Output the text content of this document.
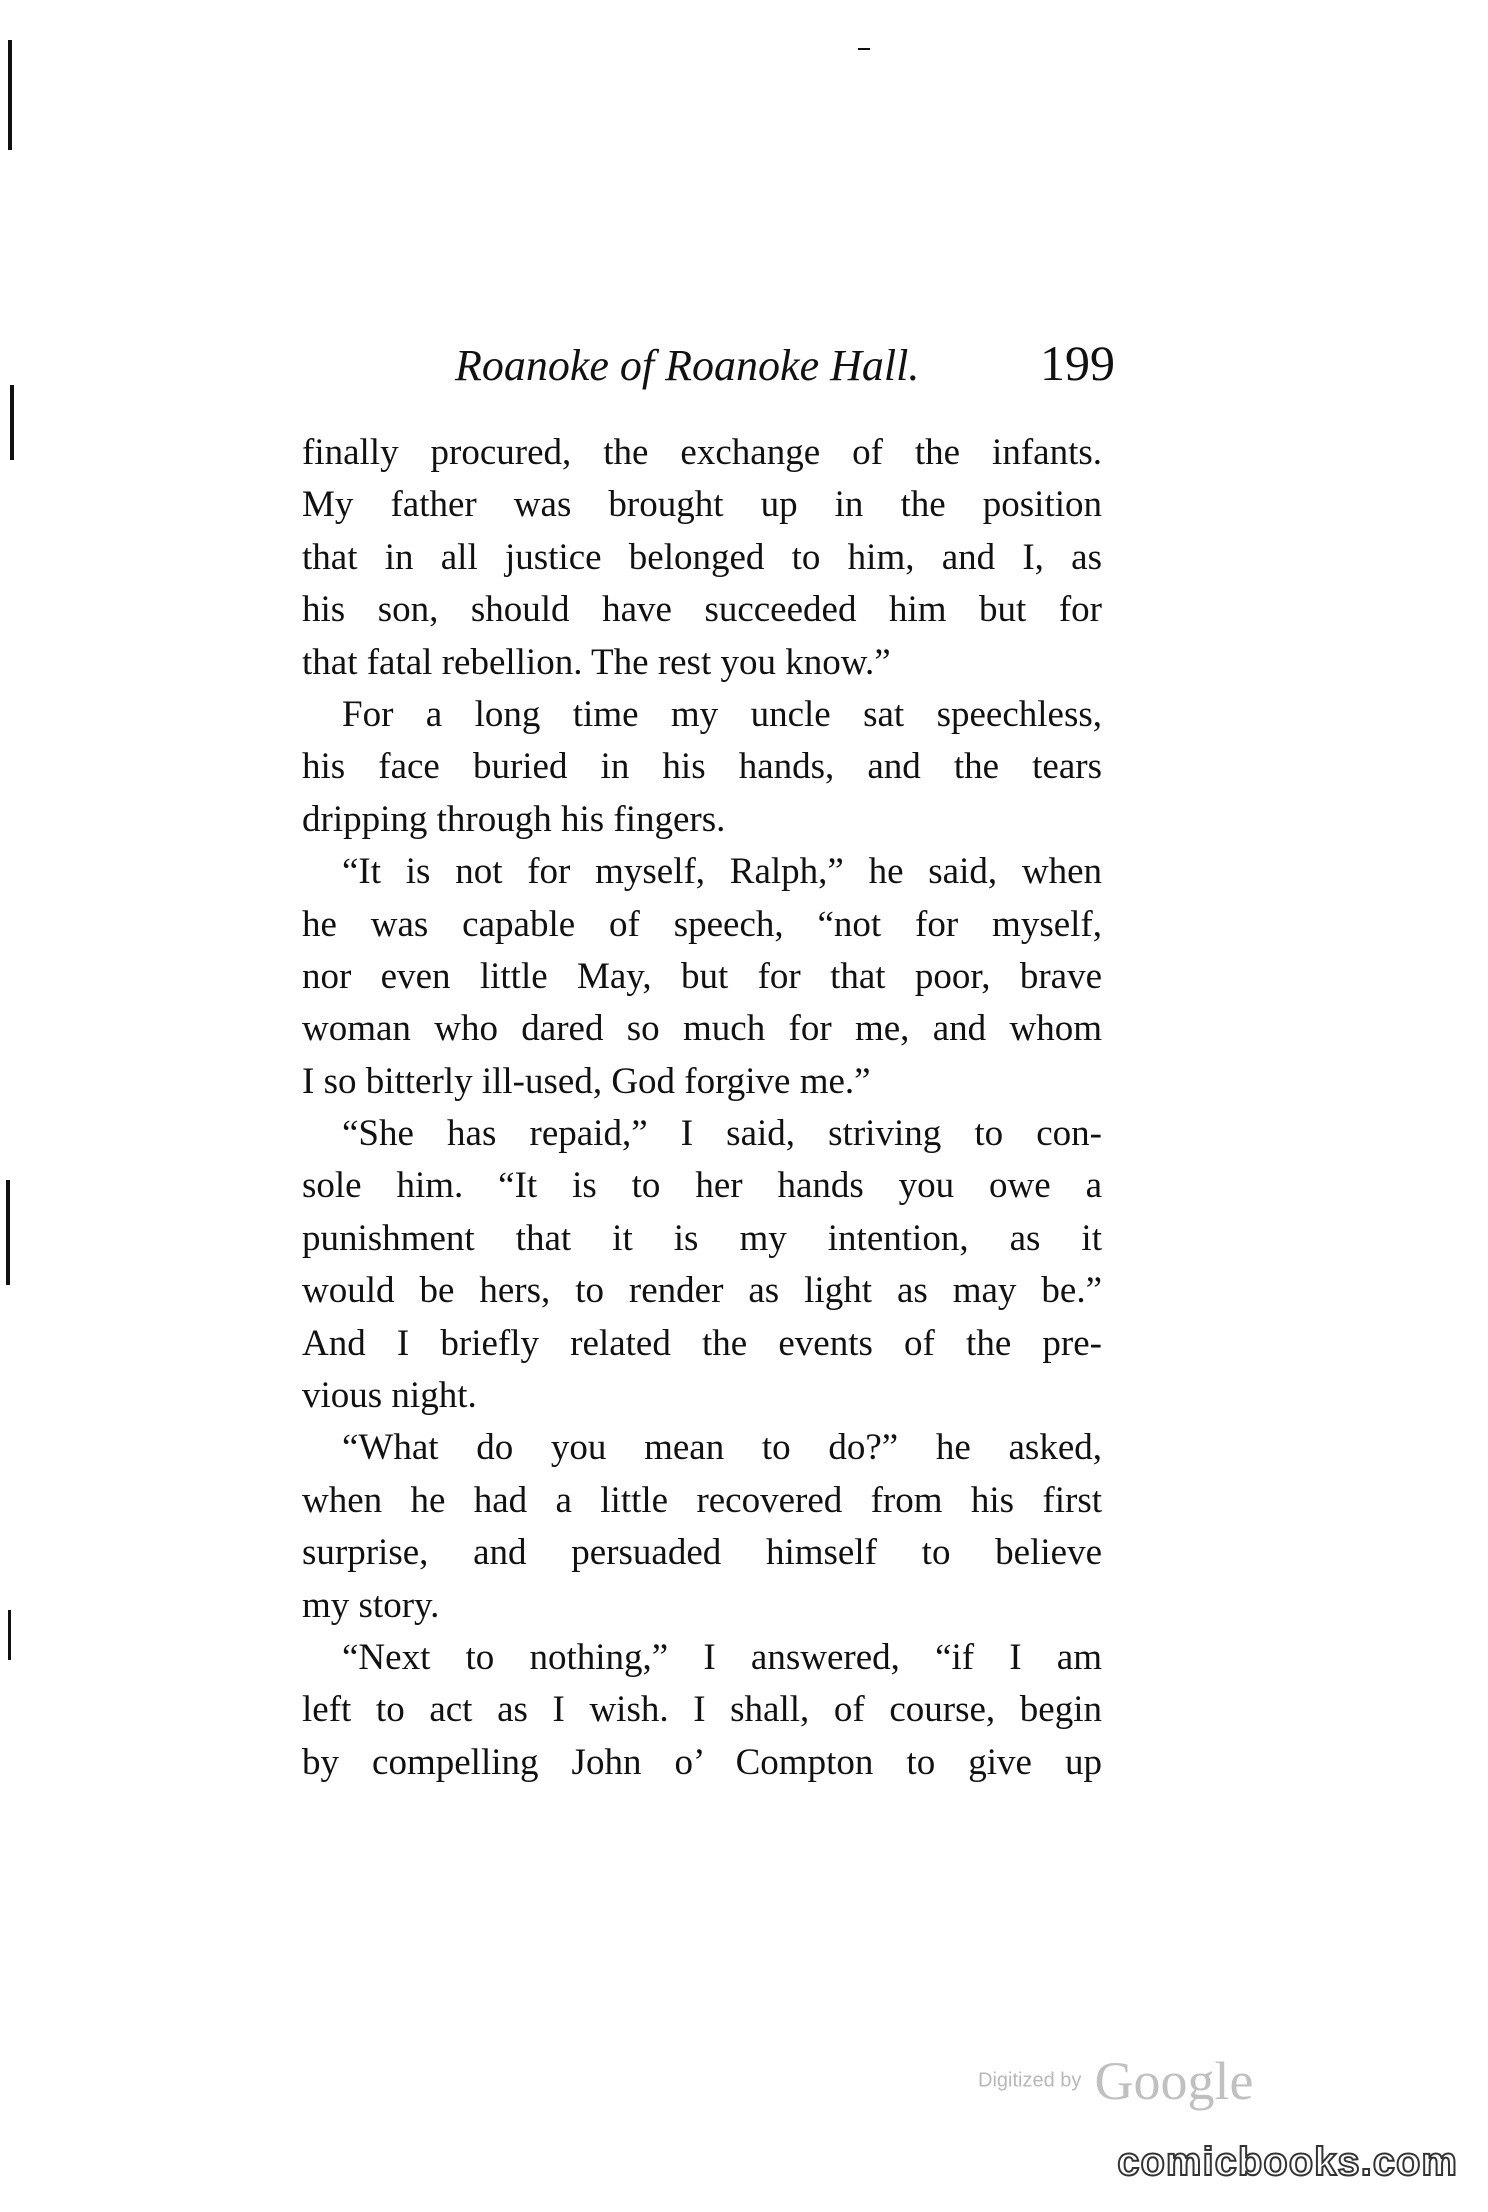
Roanoke of Roanoke Hall. 199
finally procured, the exchange of the infants.
My father was brought up in the position
that in all justice belonged to him, and I, as
his son, should have succeeded him but for
that fatal rebellion. The rest you know.”
For a long time my uncle sat speechless,
his face buried in his hands, and the tears
dripping through his fingers.
“It is not for myself, Ralph,” he said, when
he was capable of speech, “not for myself,
nor even little May, but for that poor, brave
woman who dared so much for me, and whom
I so bitterly ill-used, God forgive me.”
“She has repaid,” I said, striving to con-
sole him. “It is to her hands you owe a
punishment that it is my intention, as it
would be hers, to render as light as may be.”
And I briefly related the events of the pre-
vious night.
“What do you mean to do?” he asked,
when he had a little recovered from his first
surprise, and persuaded himself to believe
my story.
“Next to nothing,” I answered, “if I am
left to act as I wish. I shall, of course, begin
by compelling John o’ Compton to give up
Digitized by Google
comicbooks.com
